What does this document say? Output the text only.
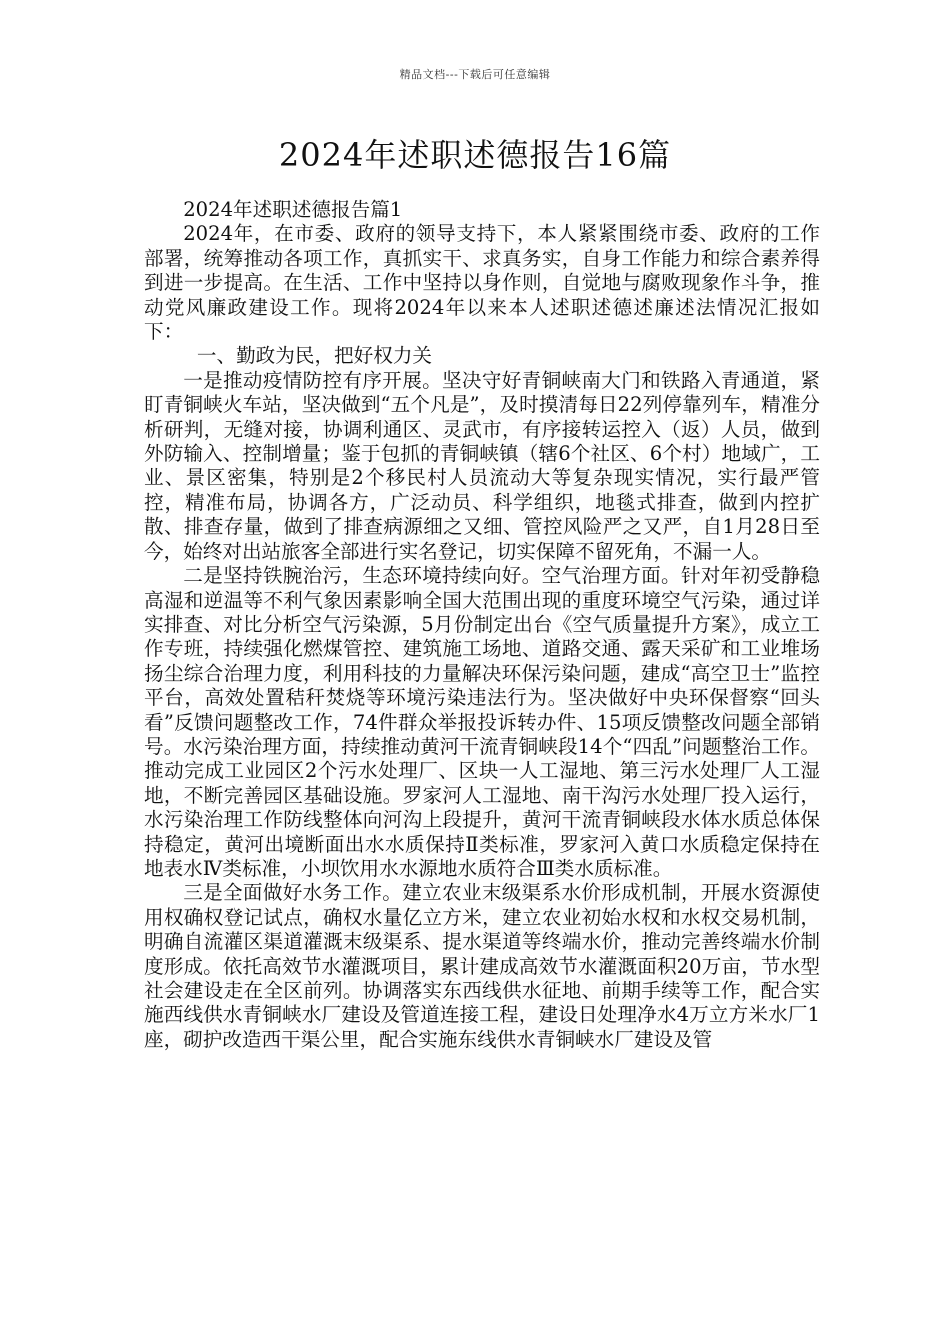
精品文档---下载后可任意编辑
2024年述职述德报告16篇

2024年述职述德报告篇1

2024年，在市委、政府的领导支持下，本人紧紧围绕市委、政府的工作部署，统筹推动各项工作，真抓实干、求真务实，自身工作能力和综合素养得到进一步提高。在生活、工作中坚持以身作则，自觉地与腐败现象作斗争，推动党风廉政建设工作。现将2024年以来本人述职述德述廉述法情况汇报如下：

一、勤政为民，把好权力关

一是推动疫情防控有序开展。坚决守好青铜峡南大门和铁路入青通道，紧盯青铜峡火车站，坚决做到“五个凡是”，及时摸清每日22列停靠列车，精准分析研判，无缝对接，协调利通区、灵武市，有序接转运控入（返）人员，做到外防输入、控制增量；鉴于包抓的青铜峡镇（辖6个社区、6个村）地域广，工业、景区密集，特别是2个移民村人员流动大等复杂现实情况，实行最严管控，精准布局，协调各方，广泛动员、科学组织，地毯式排查，做到内控扩散、排查存量，做到了排查病源细之又细、管控风险严之又严，自1月28日至今，始终对出站旅客全部进行实名登记，切实保障不留死角，不漏一人。

二是坚持铁腕治污，生态环境持续向好。空气治理方面。针对年初受静稳高湿和逆温等不利气象因素影响全国大范围出现的重度环境空气污染，通过详实排查、对比分析空气污染源，5月份制定出台《空气质量提升方案》，成立工作专班，持续强化燃煤管控、建筑施工场地、道路交通、露天采矿和工业堆场扬尘综合治理力度，利用科技的力量解决环保污染问题，建成“高空卫士”监控平台，高效处置秸秆焚烧等环境污染违法行为。坚决做好中央环保督察“回头看”反馈问题整改工作，74件群众举报投诉转办件、15项反馈整改问题全部销号。水污染治理方面，持续推动黄河干流青铜峡段14个“四乱”问题整治工作。推动完成工业园区2个污水处理厂、区块一人工湿地、第三污水处理厂人工湿地，不断完善园区基础设施。罗家河人工湿地、南干沟污水处理厂投入运行，水污染治理工作防线整体向河沟上段提升，黄河干流青铜峡段水体水质总体保持稳定，黄河出境断面出水水质保持Ⅱ类标准，罗家河入黄口水质稳定保持在地表水Ⅳ类标准，小坝饮用水水源地水质符合Ⅲ类水质标准。

三是全面做好水务工作。建立农业末级渠系水价形成机制，开展水资源使用权确权登记试点，确权水量亿立方米，建立农业初始水权和水权交易机制，明确自流灌区渠道灌溉末级渠系、提水渠道等终端水价，推动完善终端水价制度形成。依托高效节水灌溉项目，累计建成高效节水灌溉面积20万亩，节水型社会建设走在全区前列。协调落实东西线供水征地、前期手续等工作，配合实施西线供水青铜峡水厂建设及管道连接工程，建设日处理净水4万立方米水厂1座，砌护改造西干渠公里，配合实施东线供水青铜峡水厂建设及管
